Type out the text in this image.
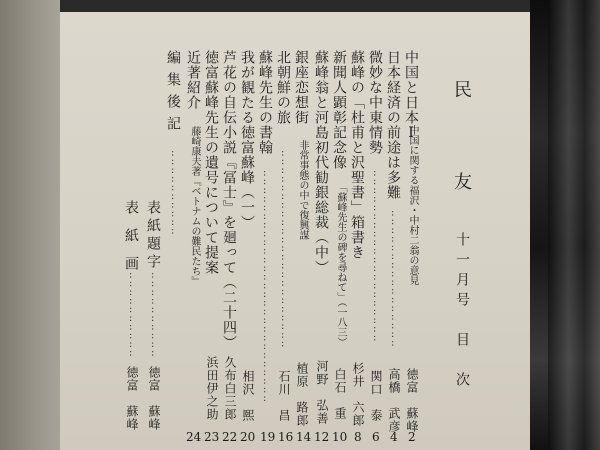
民　友
十一月号　目　次
中国と日本Ⅰ
中国に関する福沢・中村二翁の意見
徳富　蘇峰
2
日本経済の前途は多難
‥‥‥‥‥‥‥‥‥‥‥‥‥‥‥‥
高橋　武彦
4
微妙な中東情勢
‥‥‥‥‥‥‥‥‥‥‥‥‥‥‥‥‥‥‥‥
関口　泰
6
蘇峰の「杜甫と沢聖書」箱書き
杉井　六郎
8
新聞人顕彰記念像
「蘇峰先生の碑を尋ねて」（一八三）
白石　重
10
蘇峰翁と河島初代勧銀総裁（中）
河野　弘善
12
銀座恋想街
非常事態の中で復興謀
植原　路郎
14
北朝鮮の旅
‥‥‥‥‥‥‥‥‥‥‥‥‥‥‥‥‥‥‥‥‥‥‥
石川　昌
16
蘇峰先生の書翰
‥‥‥‥‥‥‥‥‥‥‥‥‥‥‥‥‥‥‥‥‥‥‥‥‥‥‥
19
我が観たる徳富蘇峰（一）
相沢　煕
20
芦花の自伝小説『冨士』を廻って（二十四）
久布白三郎
22
徳富蘇峰先生の遺号について提案
浜田伊之助
23
近著紹介
藤崎康夫著『ベトナムの難民たち』
24
編集後記
‥‥‥‥‥‥‥‥‥‥
表紙題字
‥‥‥‥‥‥‥‥‥‥
徳富　蘇峰
表紙画
‥‥‥‥‥‥‥‥‥‥
徳富　蘇峰
